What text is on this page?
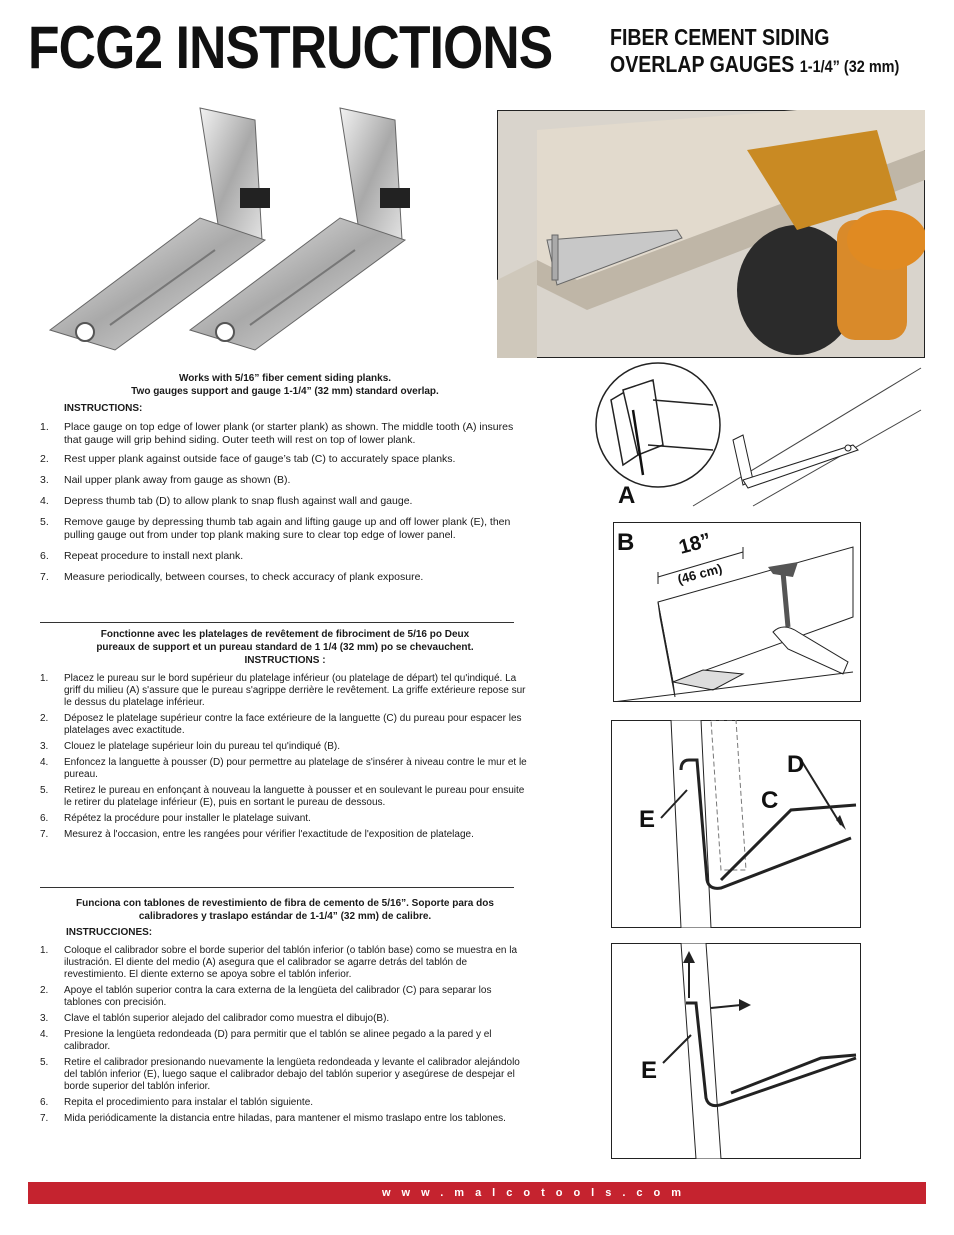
FCG2 INSTRUCTIONS	FIBER CEMENT SIDING
OVERLAP GAUGES 1-1/4” (32 mm)
A
18”
(46 cm)
B
D
C
E
E
Works with 5/16” fiber cement siding planks.
Two gauges support and gauge 1-1/4” (32 mm) standard overlap.
INSTRUCTIONS:
1. Place gauge on top edge of lower plank (or starter plank) as shown. The middle tooth (A) insures that gauge will grip behind siding. Outer teeth will rest on top of lower plank.
2. Rest upper plank against outside face of gauge’s tab (C) to accurately space planks.
3. Nail upper plank away from gauge as shown (B).
4. Depress thumb tab (D) to allow plank to snap flush against wall and gauge.
5. Remove gauge by depressing thumb tab again and lifting gauge up and off lower plank (E), then pulling gauge out from under top plank making sure to clear top edge of lower panel.
6. Repeat procedure to install next plank.
7. Measure periodically, between courses, to check accuracy of plank exposure.
Fonctionne avec les platelages de revêtement de fibrociment de 5/16 po Deux
pureaux de support et un pureau standard de 1 1/4 (32 mm) po se chevauchent.
INSTRUCTIONS :
1. Placez le pureau sur le bord supérieur du platelage inférieur (ou platelage de départ) tel qu'indiqué. La griff du milieu (A) s'assure que le pureau s'agrippe derrière le revêtement. La griffe extérieure repose sur le dessus du platelage inférieur.
2. Déposez le platelage supérieur contre la face extérieure de la languette (C) du pureau pour espacer les platelages avec exactitude.
3. Clouez le platelage supérieur loin du pureau tel qu'indiqué (B).
4. Enfoncez la languette à pousser (D) pour permettre au platelage de s'insérer à niveau contre le mur et le pureau.
5. Retirez le pureau en enfonçant à nouveau la languette à pousser et en soulevant le pureau pour ensuite le retirer du platelage inférieur (E), puis en sortant le pureau de dessous.
6. Répétez la procédure pour installer le platelage suivant.
7. Mesurez à l'occasion, entre les rangées pour vérifier l'exactitude de l'exposition de platelage.
Funciona con tablones de revestimiento de fibra de cemento de 5/16”. Soporte para dos
calibradores y traslapo estándar de 1-1/4” (32 mm) de calibre.
INSTRUCCIONES:
1. Coloque el calibrador sobre el borde superior del tablón inferior (o tablón base) como se muestra en la ilustración. El diente del medio (A) asegura que el calibrador se agarre detrás del tablón de revestimiento. El diente externo se apoya sobre el tablón inferior.
2. Apoye el tablón superior contra la cara externa de la lengüeta del calibrador (C) para separar los tablones con precisión.
3. Clave el tablón superior alejado del calibrador como muestra el dibujo(B).
4. Presione la lengüeta redondeada (D) para permitir que el tablón se alinee pegado a la pared y el calibrador.
5. Retire el calibrador presionando nuevamente la lengüeta redondeada y levante el calibrador alejándolo del tablón inferior (E), luego saque el calibrador debajo del tablón superior y asegúrese de despejar el borde superior del tablón inferior.
6. Repita el procedimiento para instalar el tablón siguiente.
7. Mida periódicamente la distancia entre hiladas, para mantener el mismo traslapo entre los tablones.
www.malcotools.com
